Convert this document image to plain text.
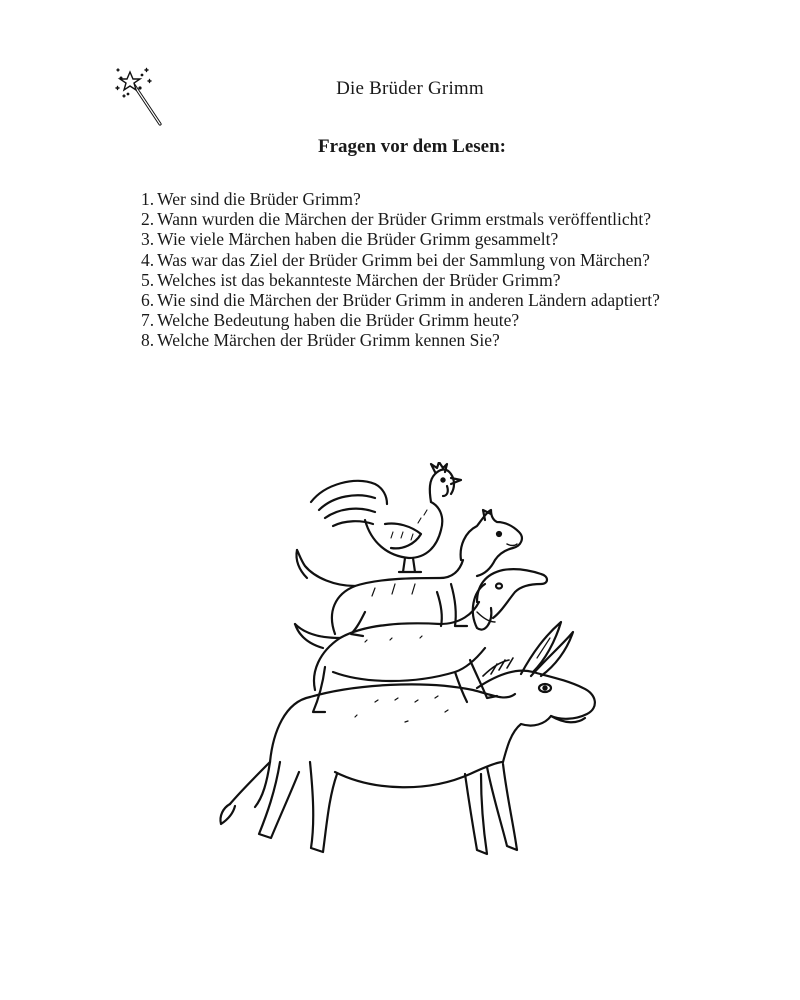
Die Brüder Grimm
Fragen vor dem Lesen:
1. Wer sind die Brüder Grimm?
2. Wann wurden die Märchen der Brüder Grimm erstmals veröffentlicht?
3. Wie viele Märchen haben die Brüder Grimm gesammelt?
4. Was war das Ziel der Brüder Grimm bei der Sammlung von Märchen?
5. Welches ist das bekannteste Märchen der Brüder Grimm?
6. Wie sind die Märchen der Brüder Grimm in anderen Ländern adaptiert?
7. Welche Bedeutung haben die Brüder Grimm heute?
8. Welche Märchen der Brüder Grimm kennen Sie?
